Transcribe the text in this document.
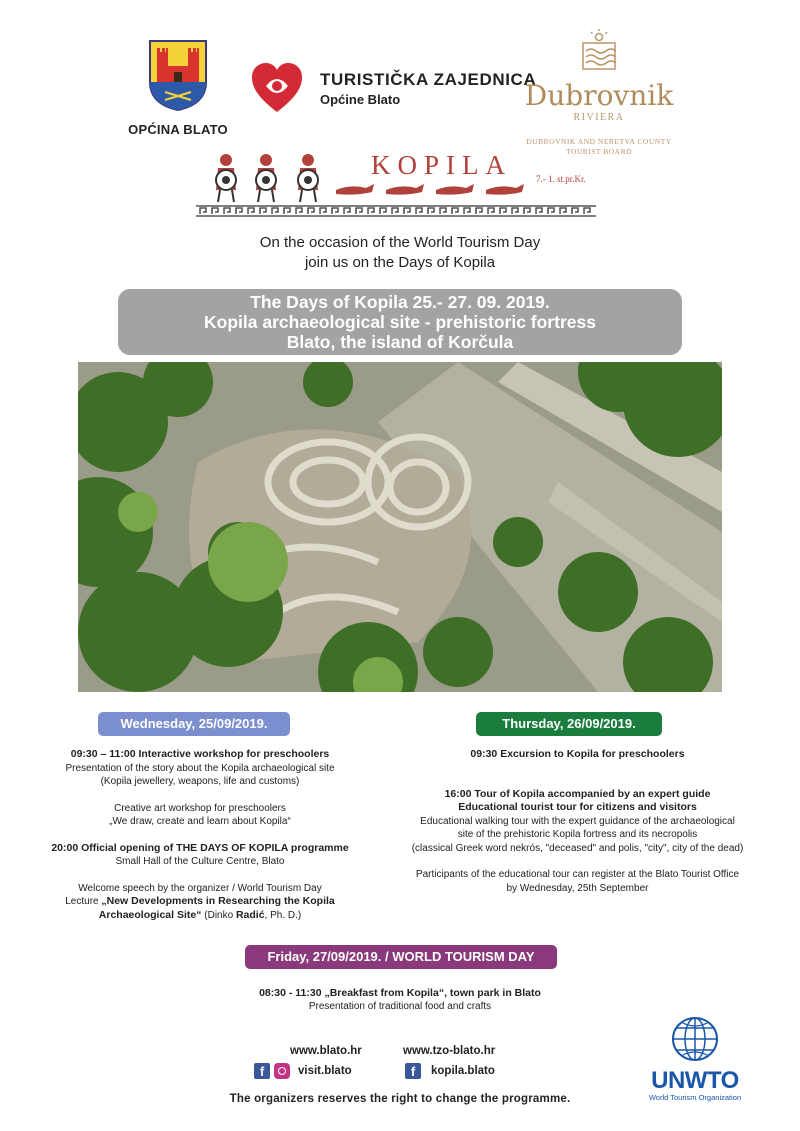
OPĆINA BLATO
TURISTIČKA ZAJEDNICA
Općine Blato	Dubrovnik
RIVIERA
DUBROVNIK AND NERETVA COUNTY
TOURIST BOARD
KOPILA	7.- 1. st.pr.Kr.
On the occasion of the World Tourism Day
join us on the Days of Kopila
The Days of Kopila 25.- 27. 09. 2019.
Kopila archaeological site - prehistoric fortress
Blato, the island of Korčula
Wednesday, 25/09/2019.
09:30 – 11:00 Interactive workshop for preschoolers
Presentation of the story about the Kopila archaeological site
(Kopila jewellery, weapons, life and customs)
Creative art workshop for preschoolers
„We draw, create and learn about Kopila“
20:00 Official opening of THE DAYS OF KOPILA programme
Small Hall of the Culture Centre, Blato
Welcome speech by the organizer / World Tourism Day
Lecture „New Developments in Researching the Kopila
Archaeological Site“ (Dinko Radić, Ph. D.)
Thursday, 26/09/2019.
09:30 Excursion to Kopila for preschoolers
16:00 Tour of Kopila accompanied by an expert guide
Educational tourist tour for citizens and visitors
Educational walking tour with the expert guidance of the archaeological
site of the prehistoric Kopila fortress and its necropolis
(classical Greek word nekrós, "deceased" and polis, "city", city of the dead)
Participants of the educational tour can register at the Blato Tourist Office
by Wednesday, 25th September
Friday, 27/09/2019. / WORLD TOURISM DAY
08:30 - 11:30 „Breakfast from Kopila“, town park in Blato
Presentation of traditional food and crafts
www.blato.hr	www.tzo-blato.hr
f	visit.blato	f	kopila.blato
The organizers reserves the right to change the programme.
UNWTO
World Tourism Organization
